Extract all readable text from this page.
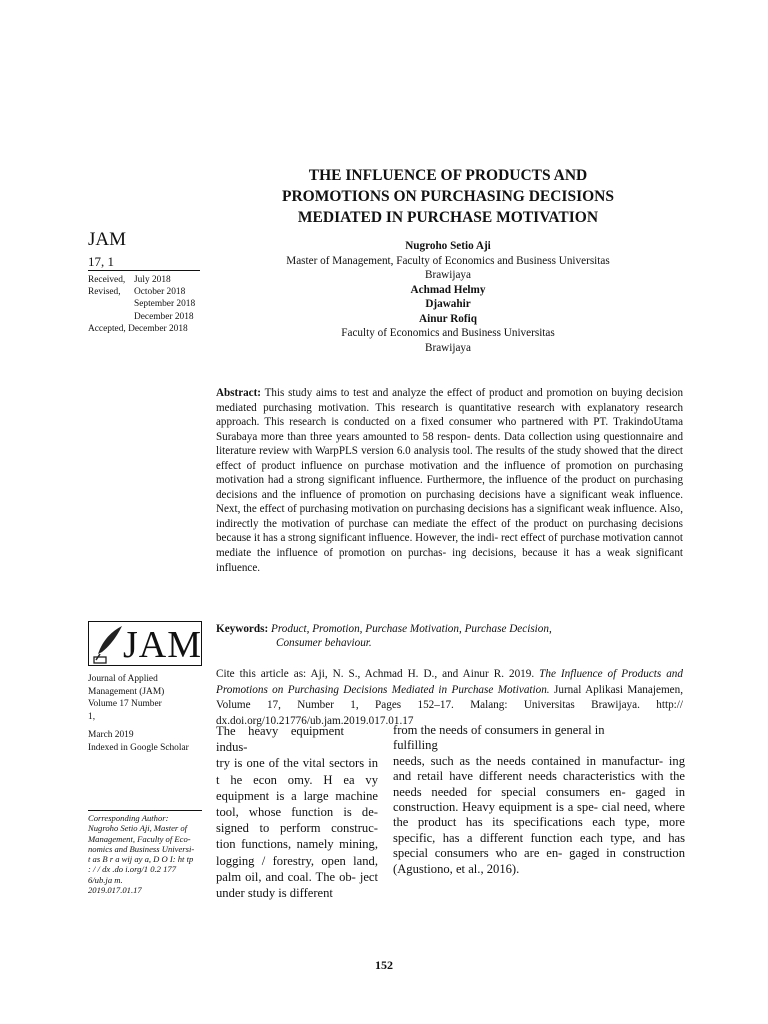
THE INFLUENCE OF PRODUCTS AND
PROMOTIONS ON PURCHASING DECISIONS
MEDIATED IN PURCHASE MOTIVATION
Nugroho Setio Aji
Master of Management, Faculty of Economics and Business Universitas
Brawijaya
Achmad Helmy
Djawahir
Ainur Rofiq
Faculty of Economics and Business Universitas
Brawijaya
JAM
17, 1
Received, July 2018
Revised,	October 2018
September 2018
December 2018
Accepted, December 2018
JAM
Journal of Applied
Management (JAM)
Volume 17 Number
1,
March 2019
Indexed in Google Scholar
Corresponding Author:
Nugroho Setio Aji, Master of
Management, Faculty of Eco-
nomics and Business Universi-
t as B r a wij ay a, D O I: ht tp
: / / dx .do i.org/1 0.2 177
6/ub.ja m.
2019.017.01.17
Abstract: This study aims to test and analyze the effect of product and promotion on buying decision mediated purchasing motivation. This research is quantitative research with explanatory research approach. This research is conducted on a fixed consumer who partnered with PT. TrakindoUtama Surabaya more than three years amounted to 58 respon- dents. Data collection using questionnaire and literature review with WarpPLS version 6.0 analysis tool. The results of the study showed that the direct effect of product influence on purchase motivation and the influence of promotion on purchasing motivation had a strong significant influence. Furthermore, the influence of the product on purchasing decisions and the influence of promotion on purchasing decisions have a significant weak influence. Next, the effect of purchasing motivation on purchasing decisions has a significant weak influence. Also, indirectly the motivation of purchase can mediate the effect of the product on purchasing decisions because it has a strong significant influence. However, the indi- rect effect of purchase motivation cannot mediate the influence of promotion on purchas- ing decisions, because it has a weak significant influence.
Keywords: Product, Promotion, Purchase Motivation, Purchase Decision,
Consumer behaviour.
Cite this article as: Aji, N. S., Achmad H. D., and Ainur R. 2019. The Influence of Products and Promotions on Purchasing Decisions Mediated in Purchase Motivation. Jurnal Aplikasi Manajemen, Volume 17, Number 1, Pages 152–17. Malang: Universitas Brawijaya. http:// dx.doi.org/10.21776/ub.jam.2019.017.01.17
The    heavy    equipment
indus-
try is one of the vital sectors in t he econ omy. H ea vy equipment is a large machine tool, whose function is de- signed to perform construc- tion functions, namely mining, logging / forestry, open land, palm oil, and coal. The ob- ject under study is different
from the needs of consumers in general in
fulfilling
needs, such as the needs contained in manufactur- ing and retail have different needs characteristics with the needs needed for special consumers en- gaged in construction. Heavy equipment is a spe- cial need, where the product has its specifications each type, more specific, has a different function each type, and has special consumers who are en- gaged in construction (Agustiono, et al., 2016).
152
